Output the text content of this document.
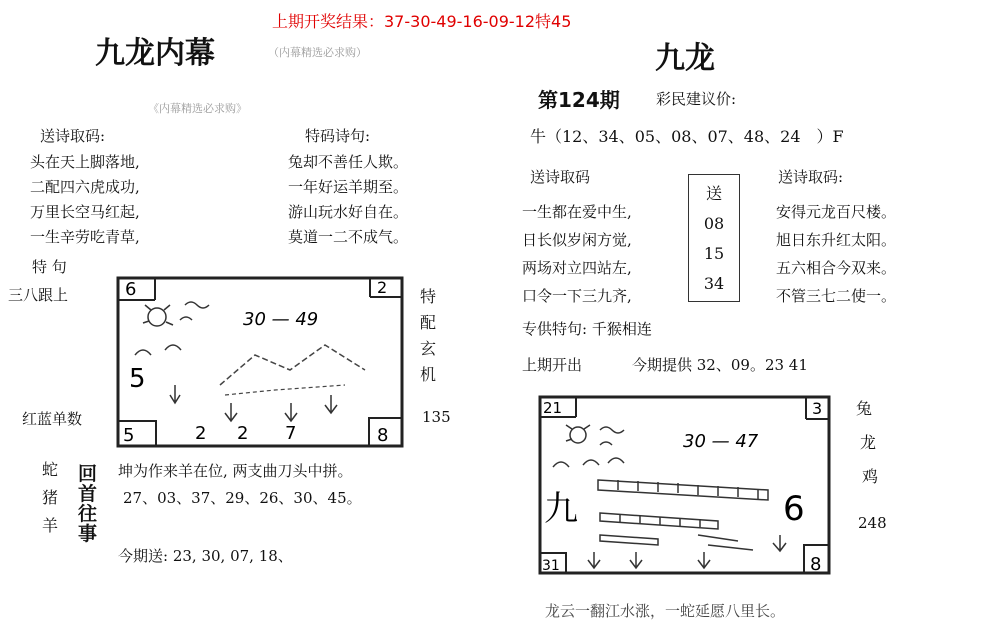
上期开奖结果：37-30-49-16-09-12特45
九龙内幕	（内幕精选必求购）
《内幕精选必求购》
送诗取码:
头在天上脚落地,
二配四六虎成功,
万里长空马红起,
一生辛劳吃青草,
特码诗句:
兔却不善任人欺。
一年好运羊期至。
游山玩水好自在。
莫道一二不成气。
特 句
三八跟上
红蓝单数
6	2
5	8
30 — 49
5
2 2 7
特
配
玄
机
135
蛇
猪
羊
回
首
往
事
坤为作来羊在位, 两支曲刀头中拼。
27、03、37、29、26、30、45。
今期送: 23, 30, 07, 18、
九龙
第124期 彩民建议价:
牛（12、34、05、08、07、48、24　）F
送诗取码
一生都在爱中生,
日长似岁闲方觉,
两场对立四站左,
口令一下三九齐,
送
08
15
34
送诗取码:
安得元龙百尺楼。
旭日东升红太阳。
五六相合今双来。
不管三七二使一。
专供特句: 千猴相连
上期开出	今期提供 32、09。23 41
21	3
31	8
30 — 47
九	6
兔
龙
鸡
248
龙云一翻江水涨，一蛇延愿八里长。
